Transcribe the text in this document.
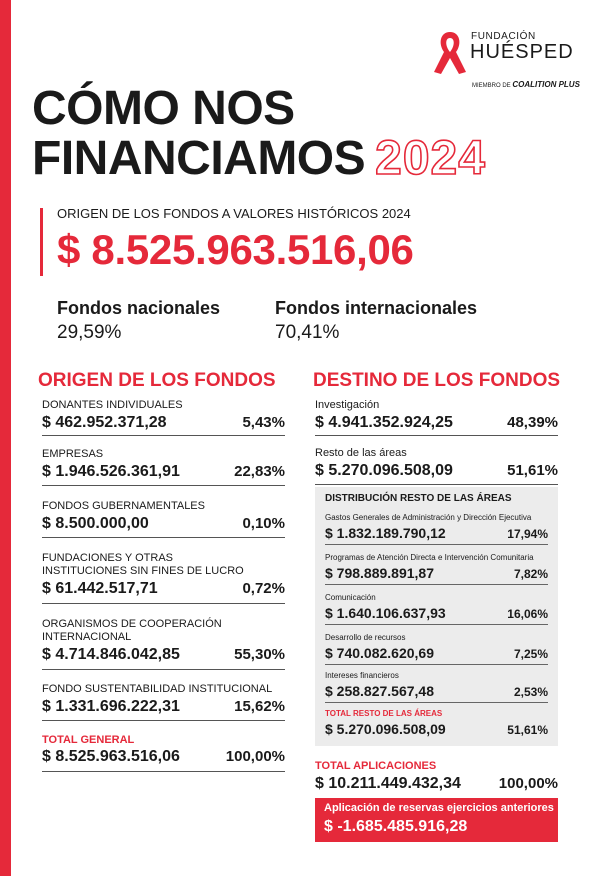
FUNDACIÓN
HUÉSPED
MIEMBRO DE COALITION PLUS
CÓMO NOS
FINANCIAMOS 2024
ORIGEN DE LOS FONDOS A VALORES HISTÓRICOS 2024
$ 8.525.963.516,06
Fondos nacionales
29,59%
Fondos internacionales
70,41%
ORIGEN DE LOS FONDOS
DONANTES INDIVIDUALES
$ 462.952.371,28	5,43%
EMPRESAS
$ 1.946.526.361,91	22,83%
FONDOS GUBERNAMENTALES
$ 8.500.000,00	0,10%
FUNDACIONES Y OTRAS INSTITUCIONES SIN FINES DE LUCRO
$ 61.442.517,71	0,72%
ORGANISMOS DE COOPERACIÓN INTERNACIONAL
$ 4.714.846.042,85	55,30%
FONDO SUSTENTABILIDAD INSTITUCIONAL
$ 1.331.696.222,31	15,62%
TOTAL GENERAL
$ 8.525.963.516,06	100,00%
DESTINO DE LOS FONDOS
Investigación
$ 4.941.352.924,25	48,39%
Resto de las áreas
$ 5.270.096.508,09	51,61%
DISTRIBUCIÓN RESTO DE LAS ÁREAS
Gastos Generales de Administración y Dirección Ejecutiva
$ 1.832.189.790,12	17,94%
Programas de Atención Directa e Intervención Comunitaria
$ 798.889.891,87	7,82%
Comunicación
$ 1.640.106.637,93	16,06%
Desarrollo de recursos
$ 740.082.620,69	7,25%
Intereses financieros
$ 258.827.567,48	2,53%
TOTAL RESTO DE LAS ÁREAS
$ 5.270.096.508,09	51,61%
TOTAL APLICACIONES
$ 10.211.449.432,34	100,00%
Aplicación de reservas ejercicios anteriores
$ -1.685.485.916,28
